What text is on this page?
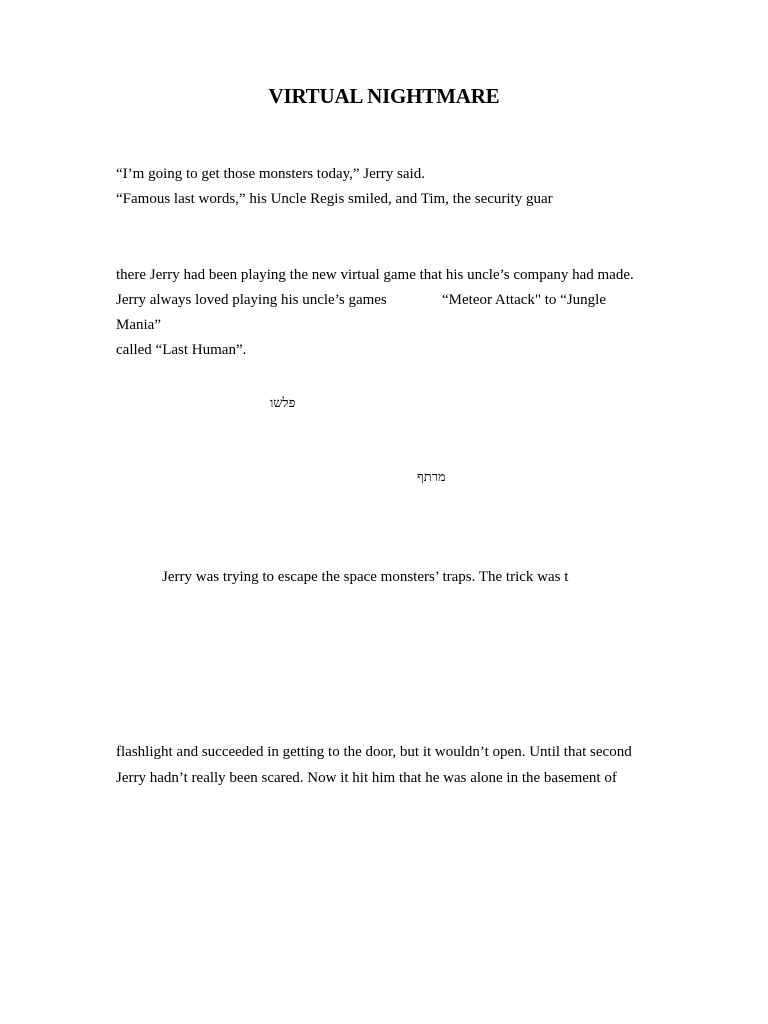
VIRTUAL NIGHTMARE
“I’m going to get those monsters today,” Jerry said.
“Famous last words,” his Uncle Regis smiled, and Tim, the security guar
there Jerry had been playing the new virtual game that his uncle’s company had made.
Jerry always loved playing his uncle’s games	“Meteor Attack" to “Jungle
Mania”
called “Last Human”.
פלשו
מרתף
Jerry was trying to escape the space monsters’ traps. The trick was t
flashlight and succeeded in getting to the door, but it wouldn’t open. Until that second
Jerry hadn’t really been scared. Now it hit him that he was alone in the basement of
